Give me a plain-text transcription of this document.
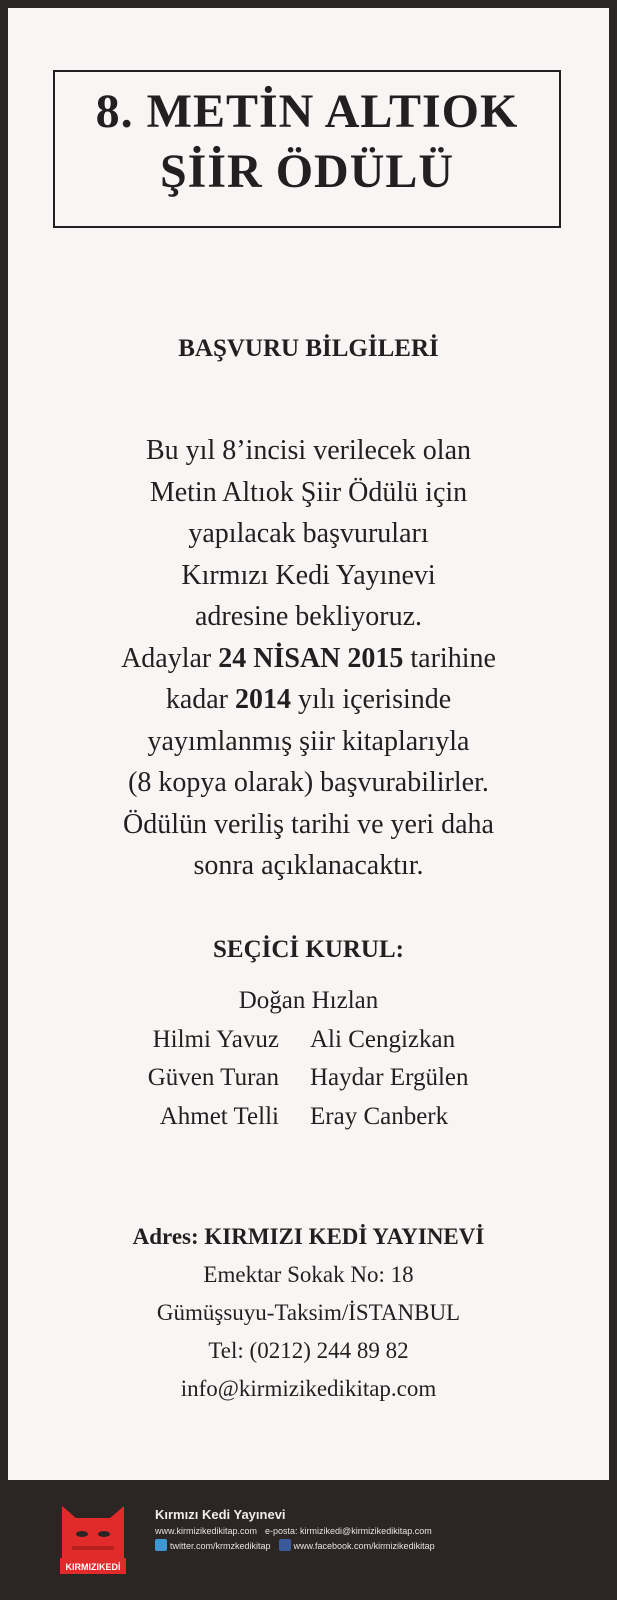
8. METİN ALTIOK
ŞİİR ÖDÜLÜ
BAŞVURU BİLGİLERİ

Bu yıl 8’incisi verilecek olan

Metin Altıok Şiir Ödülü için

yapılacak başvuruları

Kırmızı Kedi Yayınevi

adresine bekliyoruz.

Adaylar 24 NİSAN 2015 tarihine

kadar 2014 yılı içerisinde

yayımlanmış şiir kitaplarıyla

(8 kopya olarak) başvurabilirler.

Ödülün veriliş tarihi ve yeri daha

sonra açıklanacaktır.

SEÇİCİ KURUL:
Doğan Hızlan
Hilmi Yavuz	Ali Cengizkan
Güven Turan	Haydar Ergülen
Ahmet Telli	Eray Canberk
Adres: KIRMIZI KEDİ YAYINEVİ
Emektar Sokak No: 18
Gümüşsuyu-Taksim/İSTANBUL
Tel: (0212) 244 89 82
info@kirmizikedikitap.com
KIRMIZIKEDİ
Kırmızı Kedi Yayınevi
www.kirmizikedikitap.com e-posta: kirmizikedi@kirmizikedikitap.com
twitter.com/krmzkedikitap	www.facebook.com/kirmizikedikitap
